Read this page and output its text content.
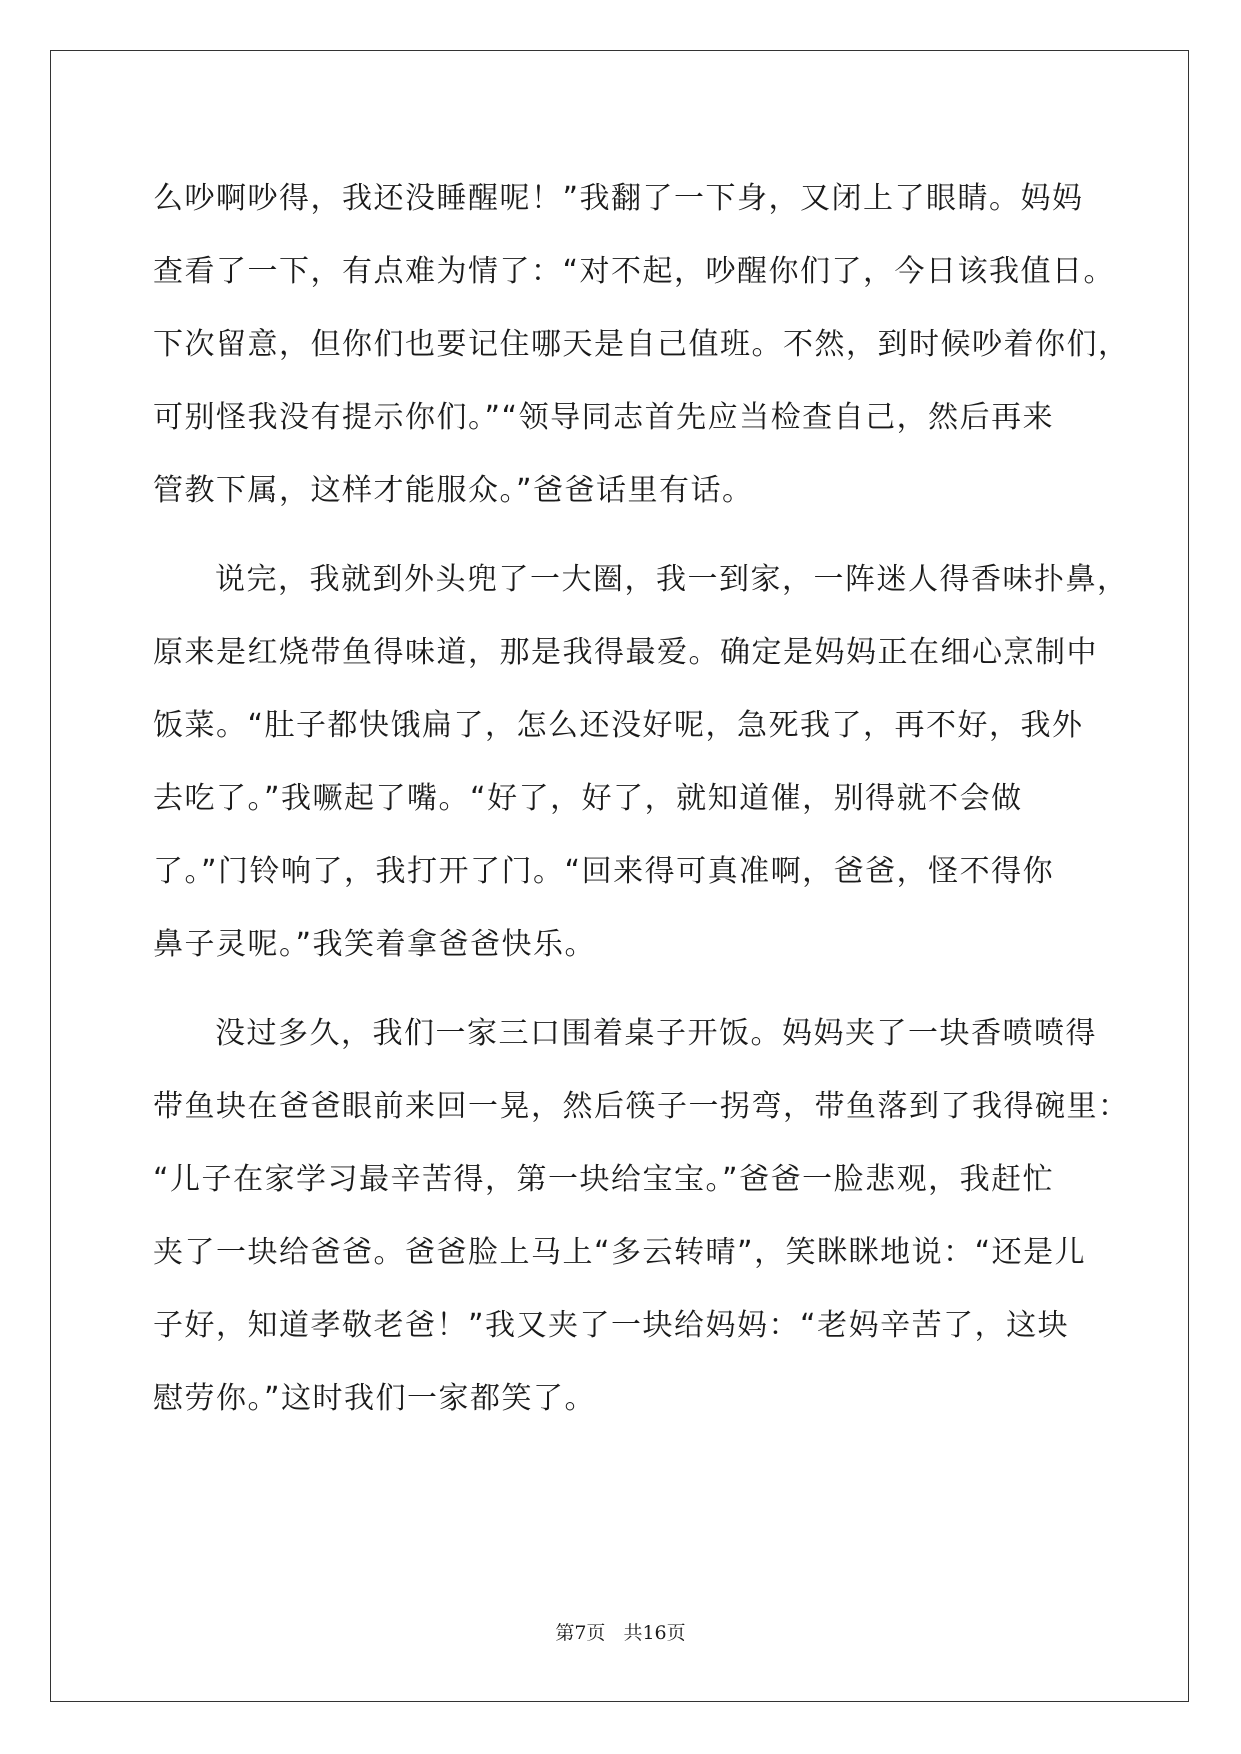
么吵啊吵得，我还没睡醒呢！”我翻了一下身，又闭上了眼睛。妈妈
查看了一下，有点难为情了：“对不起，吵醒你们了，今日该我值日。
下次留意，但你们也要记住哪天是自己值班。不然，到时候吵着你们，
可别怪我没有提示你们。”“领导同志首先应当检查自己，然后再来
管教下属，这样才能服众。”爸爸话里有话。
说完，我就到外头兜了一大圈，我一到家，一阵迷人得香味扑鼻，
原来是红烧带鱼得味道，那是我得最爱。确定是妈妈正在细心烹制中
饭菜。“肚子都快饿扁了，怎么还没好呢，急死我了，再不好，我外
去吃了。”我噘起了嘴。“好了，好了，就知道催，别得就不会做
了。”门铃响了，我打开了门。“回来得可真准啊，爸爸，怪不得你
鼻子灵呢。”我笑着拿爸爸快乐。
没过多久，我们一家三口围着桌子开饭。妈妈夹了一块香喷喷得
带鱼块在爸爸眼前来回一晃，然后筷子一拐弯，带鱼落到了我得碗里：
“儿子在家学习最辛苦得，第一块给宝宝。”爸爸一脸悲观，我赶忙
夹了一块给爸爸。爸爸脸上马上“多云转晴”，笑眯眯地说：“还是儿
子好，知道孝敬老爸！”我又夹了一块给妈妈：“老妈辛苦了，这块
慰劳你。”这时我们一家都笑了。
第7页 共16页
